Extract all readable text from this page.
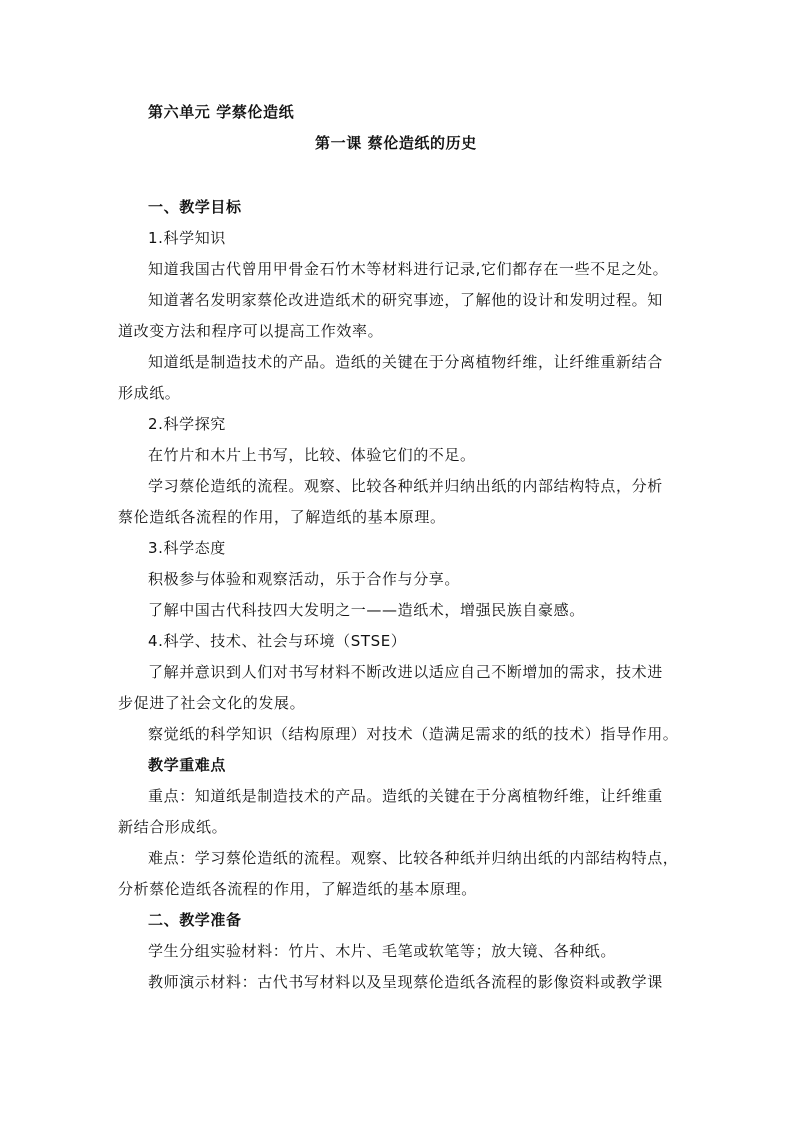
第六单元 学蔡伦造纸
第一课 蔡伦造纸的历史
一、教学目标
1.科学知识
知道我国古代曾用甲骨金石竹木等材料进行记录,它们都存在一些不足之处。
知道著名发明家蔡伦改进造纸术的研究事迹，了解他的设计和发明过程。知
道改变方法和程序可以提高工作效率。
知道纸是制造技术的产品。造纸的关键在于分离植物纤维，让纤维重新结合
形成纸。
2.科学探究
在竹片和木片上书写，比较、体验它们的不足。
学习蔡伦造纸的流程。观察、比较各种纸并归纳出纸的内部结构特点，分析
蔡伦造纸各流程的作用，了解造纸的基本原理。
3.科学态度
积极参与体验和观察活动，乐于合作与分享。
了解中国古代科技四大发明之一——造纸术，增强民族自豪感。
4.科学、技术、社会与环境（STSE）
了解并意识到人们对书写材料不断改进以适应自己不断增加的需求，技术进
步促进了社会文化的发展。
察觉纸的科学知识（结构原理）对技术（造满足需求的纸的技术）指导作用。
教学重难点
重点：知道纸是制造技术的产品。造纸的关键在于分离植物纤维，让纤维重
新结合形成纸。
难点：学习蔡伦造纸的流程。观察、比较各种纸并归纳出纸的内部结构特点，
分析蔡伦造纸各流程的作用，了解造纸的基本原理。
二、教学准备
学生分组实验材料：竹片、木片、毛笔或软笔等；放大镜、各种纸。
教师演示材料：古代书写材料以及呈现蔡伦造纸各流程的影像资料或教学课
